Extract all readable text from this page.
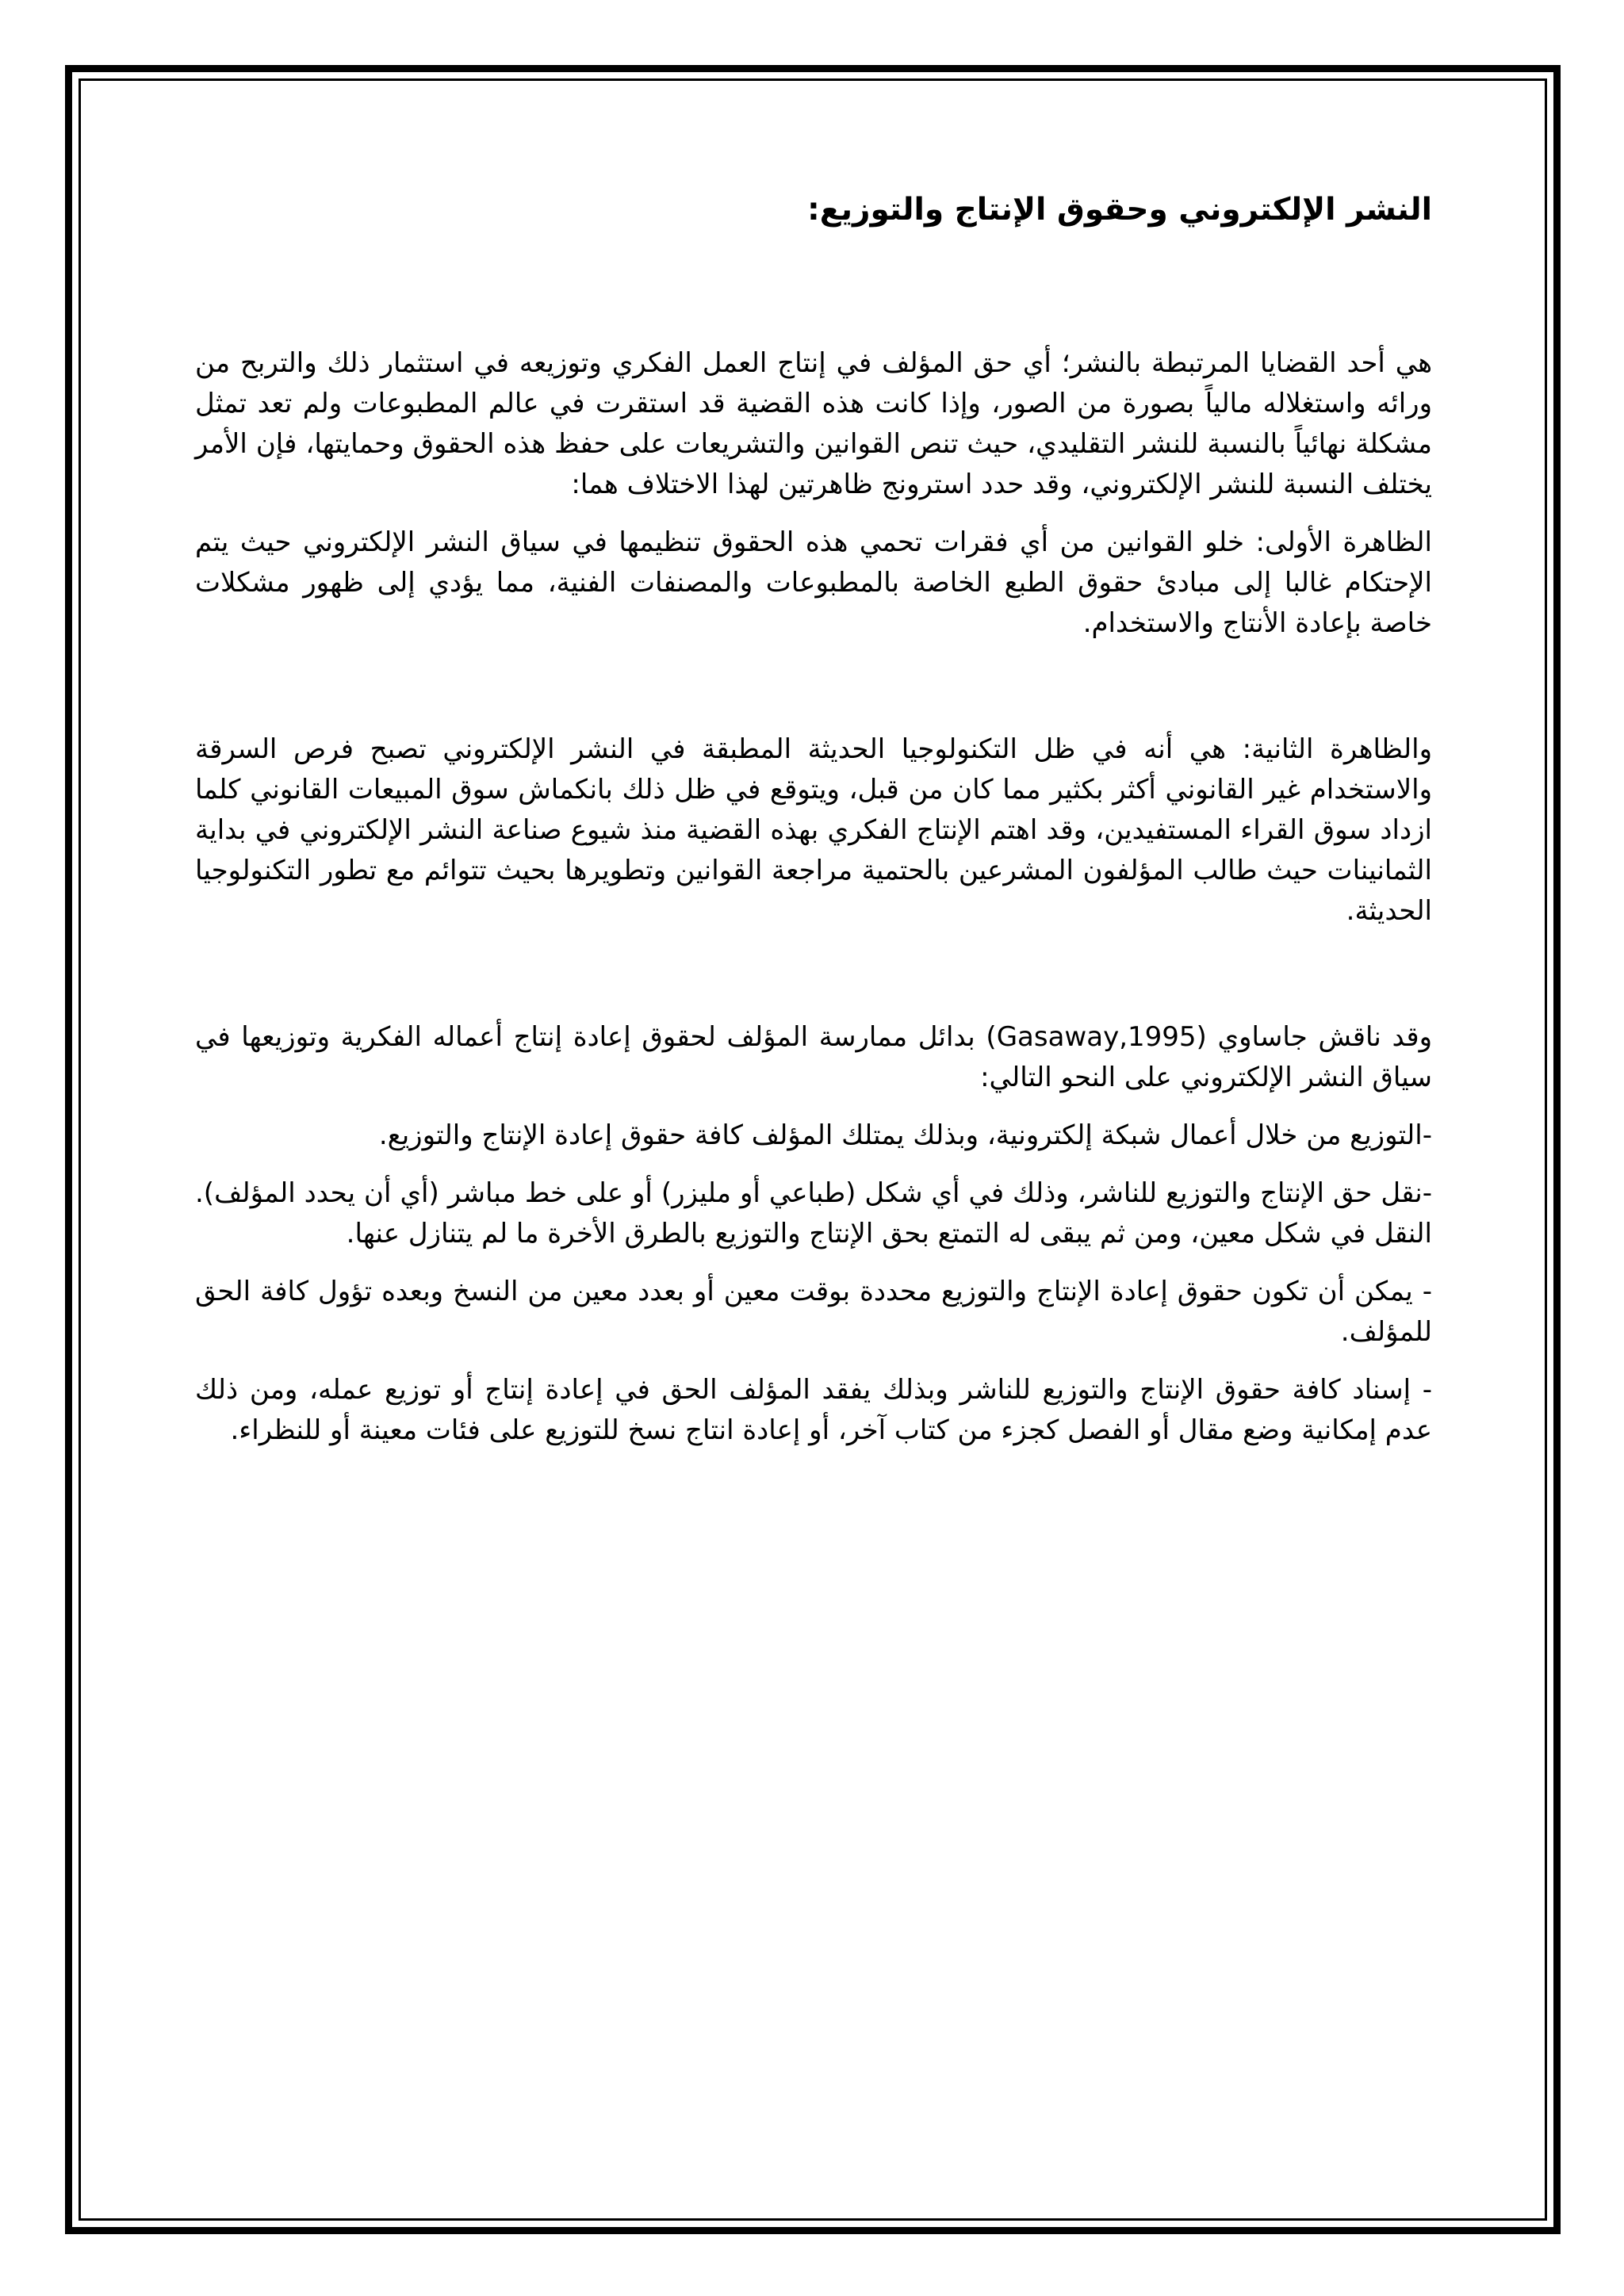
النشر الإلكتروني وحقوق الإنتاج والتوزيع:

هي أحد القضايا المرتبطة بالنشر؛ أي حق المؤلف في إنتاج العمل الفكري وتوزيعه في استثمار ذلك والتربح من ورائه واستغلاله مالياً بصورة من الصور، وإذا كانت هذه القضية قد استقرت في عالم المطبوعات ولم تعد تمثل مشكلة نهائياً بالنسبة للنشر التقليدي، حيث تنص القوانين والتشريعات على حفظ هذه الحقوق وحمايتها، فإن الأمر يختلف النسبة للنشر الإلكتروني، وقد حدد استرونج ظاهرتين لهذا الاختلاف هما:

الظاهرة الأولى: خلو القوانين من أي فقرات تحمي هذه الحقوق تنظيمها في سياق النشر الإلكتروني حيث يتم الإحتكام غالبا إلى مبادئ حقوق الطبع الخاصة بالمطبوعات والمصنفات الفنية، مما يؤدي إلى ظهور مشكلات خاصة بإعادة الأنتاج والاستخدام.

والظاهرة الثانية: هي أنه في ظل التكنولوجيا الحديثة المطبقة في النشر الإلكتروني تصبح فرص السرقة والاستخدام غير القانوني أكثر بكثير مما كان من قبل، ويتوقع في ظل ذلك بانكماش سوق المبيعات القانوني كلما ازداد سوق القراء المستفيدين، وقد اهتم الإنتاج الفكري بهذه القضية منذ شيوع صناعة النشر الإلكتروني في بداية الثمانينات حيث طالب المؤلفون المشرعين بالحتمية مراجعة القوانين وتطويرها بحيث تتوائم مع تطور التكنولوجيا الحديثة.

وقد ناقش جاساوي (Gasaway,1995) بدائل ممارسة المؤلف لحقوق إعادة إنتاج أعماله الفكرية وتوزيعها في سياق النشر الإلكتروني على النحو التالي:

-التوزيع من خلال أعمال شبكة إلكترونية، وبذلك يمتلك المؤلف كافة حقوق إعادة الإنتاج والتوزيع.

-نقل حق الإنتاج والتوزيع للناشر، وذلك في أي شكل (طباعي أو مليزر) أو على خط مباشر (أي أن يحدد المؤلف). النقل في شكل معين، ومن ثم يبقى له التمتع بحق الإنتاج والتوزيع بالطرق الأخرة ما لم يتنازل عنها.

- يمكن أن تكون حقوق إعادة الإنتاج والتوزيع محددة بوقت معين أو بعدد معين من النسخ وبعده تؤول كافة الحق للمؤلف.

- إسناد كافة حقوق الإنتاج والتوزيع للناشر وبذلك يفقد المؤلف الحق في إعادة إنتاج أو توزيع عمله، ومن ذلك عدم إمكانية وضع مقال أو الفصل كجزء من كتاب آخر، أو إعادة انتاج نسخ للتوزيع على فئات معينة أو للنظراء.
